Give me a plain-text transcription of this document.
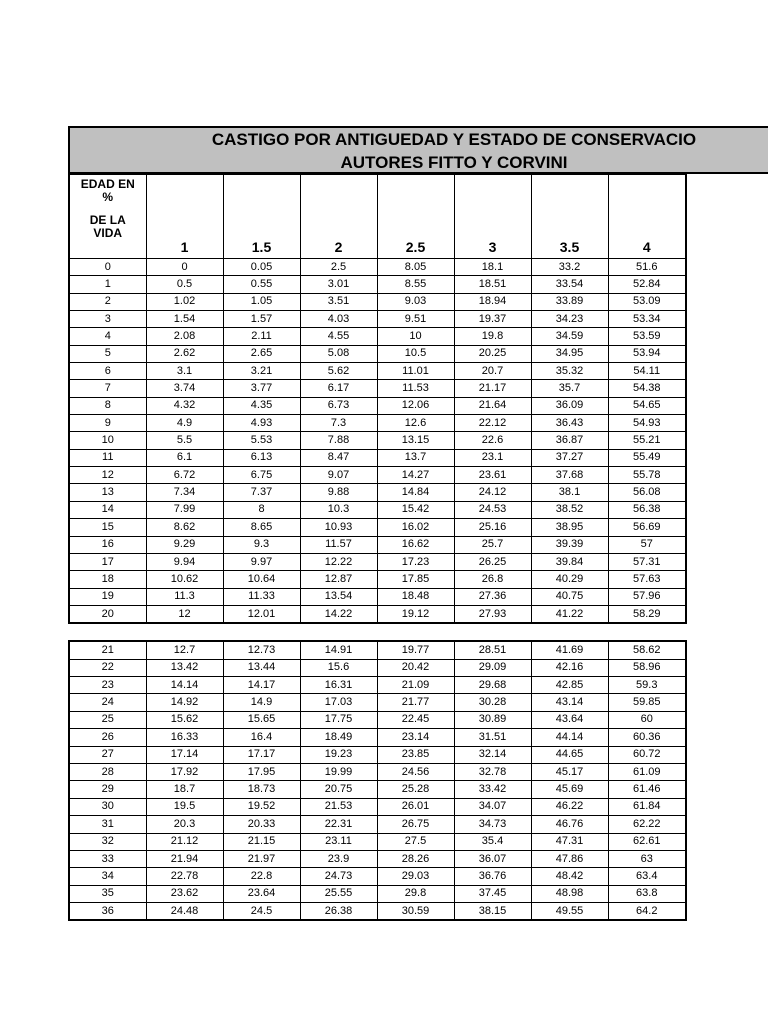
CASTIGO POR ANTIGUEDAD Y ESTADO DE CONSERVACIO
AUTORES FITTO Y CORVINI
EDAD EN
%
DE LA
VIDA	1	1.5	2	2.5	3	3.5	4
0	0	0.05	2.5	8.05	18.1	33.2	51.6
1	0.5	0.55	3.01	8.55	18.51	33.54	52.84
2	1.02	1.05	3.51	9.03	18.94	33.89	53.09
3	1.54	1.57	4.03	9.51	19.37	34.23	53.34
4	2.08	2.11	4.55	10	19.8	34.59	53.59
5	2.62	2.65	5.08	10.5	20.25	34.95	53.94
6	3.1	3.21	5.62	11.01	20.7	35.32	54.11
7	3.74	3.77	6.17	11.53	21.17	35.7	54.38
8	4.32	4.35	6.73	12.06	21.64	36.09	54.65
9	4.9	4.93	7.3	12.6	22.12	36.43	54.93
10	5.5	5.53	7.88	13.15	22.6	36.87	55.21
11	6.1	6.13	8.47	13.7	23.1	37.27	55.49
12	6.72	6.75	9.07	14.27	23.61	37.68	55.78
13	7.34	7.37	9.88	14.84	24.12	38.1	56.08
14	7.99	8	10.3	15.42	24.53	38.52	56.38
15	8.62	8.65	10.93	16.02	25.16	38.95	56.69
16	9.29	9.3	11.57	16.62	25.7	39.39	57
17	9.94	9.97	12.22	17.23	26.25	39.84	57.31
18	10.62	10.64	12.87	17.85	26.8	40.29	57.63
19	11.3	11.33	13.54	18.48	27.36	40.75	57.96
20	12	12.01	14.22	19.12	27.93	41.22	58.29
21	12.7	12.73	14.91	19.77	28.51	41.69	58.62
22	13.42	13.44	15.6	20.42	29.09	42.16	58.96
23	14.14	14.17	16.31	21.09	29.68	42.85	59.3
24	14.92	14.9	17.03	21.77	30.28	43.14	59.85
25	15.62	15.65	17.75	22.45	30.89	43.64	60
26	16.33	16.4	18.49	23.14	31.51	44.14	60.36
27	17.14	17.17	19.23	23.85	32.14	44.65	60.72
28	17.92	17.95	19.99	24.56	32.78	45.17	61.09
29	18.7	18.73	20.75	25.28	33.42	45.69	61.46
30	19.5	19.52	21.53	26.01	34.07	46.22	61.84
31	20.3	20.33	22.31	26.75	34.73	46.76	62.22
32	21.12	21.15	23.11	27.5	35.4	47.31	62.61
33	21.94	21.97	23.9	28.26	36.07	47.86	63
34	22.78	22.8	24.73	29.03	36.76	48.42	63.4
35	23.62	23.64	25.55	29.8	37.45	48.98	63.8
36	24.48	24.5	26.38	30.59	38.15	49.55	64.2
